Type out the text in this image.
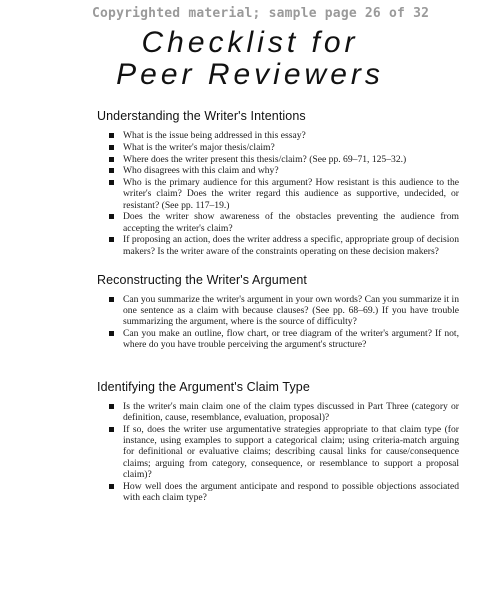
Copyrighted material; sample page 26 of 32
Checklist for
Peer Reviewers
Understanding the Writer's Intentions
What is the issue being addressed in this essay?
What is the writer's major thesis/claim?
Where does the writer present this thesis/claim? (See pp. 69–71, 125–32.)
Who disagrees with this claim and why?
Who is the primary audience for this argument? How resistant is this audience to the writer's claim? Does the writer regard this audience as supportive, undecided, or resistant? (See pp. 117–19.)
Does the writer show awareness of the obstacles preventing the audience from accepting the writer's claim?
If proposing an action, does the writer address a specific, appropriate group of decision makers? Is the writer aware of the constraints operating on these decision makers?
Reconstructing the Writer's Argument
Can you summarize the writer's argument in your own words? Can you summarize it in one sentence as a claim with because clauses? (See pp. 68–69.) If you have trouble summarizing the argument, where is the source of difficulty?
Can you make an outline, flow chart, or tree diagram of the writer's argument? If not, where do you have trouble perceiving the argument's structure?
Identifying the Argument's Claim Type
Is the writer's main claim one of the claim types discussed in Part Three (category or definition, cause, resemblance, evaluation, proposal)?
If so, does the writer use argumentative strategies appropriate to that claim type (for instance, using examples to support a categorical claim; using criteria-match arguing for definitional or evaluative claims; describing causal links for cause/consequence claims; arguing from category, consequence, or resemblance to support a proposal claim)?
How well does the argument anticipate and respond to possible objections associated with each claim type?
